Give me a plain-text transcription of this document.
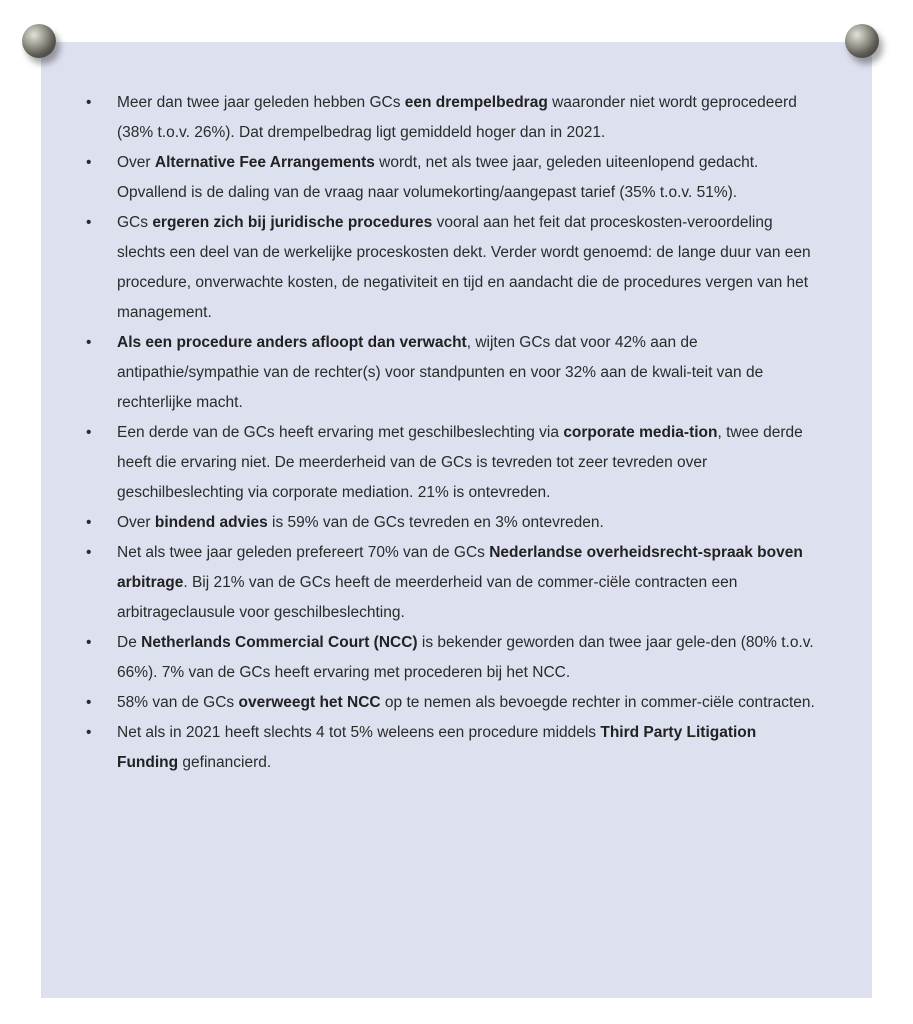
• Meer dan twee jaar geleden hebben GCs een drempelbedrag waaronder niet wordt geprocedeerd (38% t.o.v. 26%). Dat drempelbedrag ligt gemiddeld hoger dan in 2021.
• Over Alternative Fee Arrangements wordt, net als twee jaar, geleden uiteenlopend gedacht. Opvallend is de daling van de vraag naar volumekorting/aangepast tarief (35% t.o.v. 51%).
• GCs ergeren zich bij juridische procedures vooral aan het feit dat proceskosten-veroordeling slechts een deel van de werkelijke proceskosten dekt. Verder wordt genoemd: de lange duur van een procedure, onverwachte kosten, de negativiteit en tijd en aandacht die de procedures vergen van het management.
• Als een procedure anders afloopt dan verwacht, wijten GCs dat voor 42% aan de antipathie/sympathie van de rechter(s) voor standpunten en voor 32% aan de kwali-teit van de rechterlijke macht.
• Een derde van de GCs heeft ervaring met geschilbeslechting via corporate media-tion, twee derde heeft die ervaring niet. De meerderheid van de GCs is tevreden tot zeer tevreden over geschilbeslechting via corporate mediation. 21% is ontevreden.
• Over bindend advies is 59% van de GCs tevreden en 3% ontevreden.
• Net als twee jaar geleden prefereert 70% van de GCs Nederlandse overheidsrecht-spraak boven arbitrage. Bij 21% van de GCs heeft de meerderheid van de commer-ciële contracten een arbitrageclausule voor geschilbeslechting.
• De Netherlands Commercial Court (NCC) is bekender geworden dan twee jaar gele-den (80% t.o.v. 66%). 7% van de GCs heeft ervaring met procederen bij het NCC.
• 58% van de GCs overweegt het NCC op te nemen als bevoegde rechter in commer-ciële contracten.
• Net als in 2021 heeft slechts 4 tot 5% weleens een procedure middels Third Party Litigation Funding gefinancierd.
